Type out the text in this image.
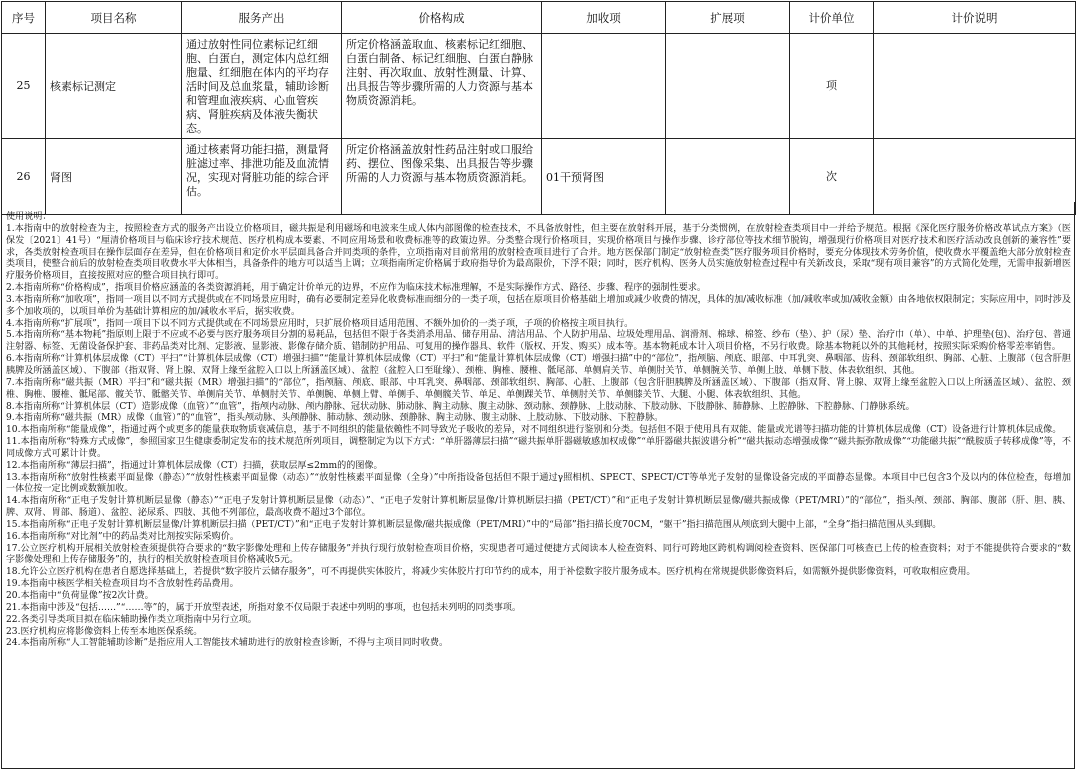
序号	项目名称	服务产出	价格构成	加收项	扩展项	计价单位	计价说明
25	核素标记测定	通过放射性同位素标记红细胞、白蛋白，测定体内总红细胞量、红细胞在体内的平均存活时间及总血浆量，辅助诊断和管理血液疾病、心血管疾病、肾脏疾病及体液失衡状态。	所定价格涵盖取血、核素标记红细胞、白蛋白制备、标记红细胞、白蛋白静脉注射、再次取血、放射性测量、计算、出具报告等步骤所需的人力资源与基本物质资源消耗。			项	
26	肾图	通过核素肾功能扫描，测量肾脏滤过率、排泄功能及血流情况，实现对肾脏功能的综合评估。	所定价格涵盖放射性药品注射或口服给药、摆位、图像采集、出具报告等步骤所需的人力资源与基本物质资源消耗。	01干预肾图		次	

使用说明：

1.本指南中的放射检查为主，按照检查方式的服务产出设立价格项目，磁共振是利用磁场和电波来生成人体内部图像的检查技术，不具备放射性，但主要在放射科开展，基于分类惯例，在放射检查类项目中一并给予规范。根据《深化医疗服务价格改革试点方案》（医保发〔2021〕41号）“厘清价格项目与临床诊疗技术规范、医疗机构成本要素、不同应用场景和收费标准等的政策边界。分类整合现行价格项目，实现价格项目与操作步骤、诊疗部位等技术细节脱钩，增强现行价格项目对医疗技术和医疗活动改良创新的兼容性”要求，各类放射检查项目在操作层面存在差异，但在价格项目和定价水平层面具备合并同类项的条件，立项指南对目前常用的放射检查项目进行了合并。地方医保部门制定“放射检查类”医疗服务项目价格时，要充分体现技术劳务价值，使收费水平覆盖绝大部分放射检查类项目，使整合前后的放射检查类项目收费水平大体相当，具备条件的地方可以适当上调；立项指南所定价格属于政府指导价为最高限价，下浮不限；同时，医疗机构、医务人员实施放射检查过程中有关新改良，采取“现有项目兼容”的方式简化处理，无需申报新增医疗服务价格项目，直接按照对应的整合项目执行即可。

2.本指南所称“价格构成”，指项目价格应涵盖的各类资源消耗，用于确定计价单元的边界，不应作为临床技术标准理解，不是实际操作方式、路径、步骤、程序的强制性要求。

3.本指南所称“加收项”，指同一项目以不同方式提供或在不同场景应用时，确有必要制定差异化收费标准而细分的一类子项，包括在原项目价格基础上增加或减少收费的情况，具体的加/减收标准（加/减收率或加/减收金额）由各地依权限制定；实际应用中，同时涉及多个加收项的，以项目单价为基础计算相应的加/减收水平后，据实收费。

4.本指南所称“扩展项”，指同一项目下以不同方式提供或在不同场景应用时，只扩展价格项目适用范围、不额外加价的一类子项，子项的价格按主项目执行。

5.本指南所称“基本物耗”指原则上限于不应或不必要与医疗服务项目分割的易耗品，包括但不限于各类消杀用品、储存用品、清洁用品、个人防护用品、垃圾处理用品、润滑剂、棉球、棉签、纱布（垫）、护（尿）垫、治疗巾（单）、中单、护理垫(包)、治疗包、普通注射器、标签、无菌设备保护套、非药品类对比剂、定影液、显影液、影像存储介质、错制防护用品、可复用的操作器具、软件（版权、开发、购买）成本等。基本物耗成本计入项目价格，不另行收费。除基本物耗以外的其他耗材，按照实际采购价格零差率销售。

6.本指南所称“计算机体层成像（CT）平扫”“计算机体层成像（CT）增强扫描”“能量计算机体层成像（CT）平扫”和“能量计算机体层成像（CT）增强扫描”中的“部位”，指颅脑、颅底、眼部、中耳乳突、鼻咽部、齿科、颈部软组织、胸部、心脏、上腹部（包含肝胆胰脾及所涵盖区域）、下腹部（指双肾、肾上腺、双肾上缘至盆腔入口以上所涵盖区域）、盆腔（盆腔入口至耻缘）、颈椎、胸椎、腰椎、骶尾部、单侧肩关节、单侧肘关节、单侧腕关节、单侧上肢、单侧下肢、体表软组织、其他。

7.本指南所称“磁共振（MR）平扫”和“磁共振（MR）增强扫描”的“部位”，指颅脑、颅底、眼部、中耳乳突、鼻咽部、颈部软组织、胸部、心脏、上腹部（包含肝胆胰脾及所涵盖区域）、下腹部（指双肾、肾上腺、双肾上缘至盆腔入口以上所涵盖区域）、盆腔、颈椎、胸椎、腰椎、骶尾部、髋关节、骶髂关节、单侧肩关节、单侧肘关节、单侧腕、单侧上臂、单侧手、单侧髋关节、单足、单侧踝关节、单侧肘关节、单侧膝关节、大腿、小腿、体表软组织、其他。

8.本指南所称“计算机体层（CT）造影成像（血管）”“血管”，指颅内动脉、颅内静脉、冠状动脉、肺动脉、胸主动脉、腹主动脉、颈动脉、颈静脉、上肢动脉、下肢动脉、下肢静脉、肺静脉、上腔静脉、下腔静脉、门静脉系统。

9.本指南所称“磁共振（MR）成像（血管）”的“血管”，指头颅动脉、头颅静脉、肺动脉、颈动脉、颈静脉、胸主动脉、腹主动脉、上肢动脉、下肢动脉、下腔静脉。

10.本指南所称“能量成像”，指通过两个或更多的能量获取物质衰减信息，基于不同组织的能量依赖性不同导致光子吸收的差异，对不同组织进行鉴别和分类。包括但不限于使用具有双能、能量或光谱等扫描功能的计算机体层成像（CT）设备进行计算机体层成像。

11.本指南所称“特殊方式成像”，参照国家卫生健康委制定发布的技术规范所列项目，调整制定为以下方式：“单肝器薄层扫描”“磁共振单肝器磁敏感加权成像”“单肝器磁共振波谱分析”“磁共振动态增强成像”“磁共振弥散成像”“功能磁共振”“酰胺质子转移成像”等，不同成像方式可累计计费。

12.本指南所称“薄层扫描”，指通过计算机体层成像（CT）扫描，获取层厚≤2mm的的图像。

13.本指南所称“放射性核素平面显像（静态）”“放射性核素平面显像（动态）”“放射性核素平面显像（全身）”中所指设备包括但不限于通过γ照相机、SPECT、SPECT/CT等单光子发射的显像设备完成的平面静态显像。本项目中已包含3个及以内的体位检查，每增加一体位按一定比例或数额加收。

14.本指南所称“正电子发射计算机断层显像（静态）”“正电子发射计算机断层显像（动态）”、“正电子发射计算机断层显像/计算机断层扫描（PET/CT）”和“正电子发射计算机断层显像/磁共振成像（PET/MRI）”的“部位”，指头颅、颈部、胸部、腹部（肝、胆、胰、脾、双肾、胃部、肠道）、盆腔、泌尿系、四肢、其他不列部位，最高收费不超过3个部位。

15.本指南所称“正电子发射计算机断层显像/计算机断层扫描（PET/CT）”和“正电子发射计算机断层显像/磁共振成像（PET/MRI）”中的“局部”指扫描长度70CM，“躯干”指扫描范围从颅底到大腿中上部，“全身”指扫描范围从头到脚。

16.本指南所称“对比剂”中的药品类对比剂按实际采购价。

17.公立医疗机构开展相关放射检查须提供符合要求的“数字影像处理和上传存储服务”并执行现行放射检查项目价格，实现患者可通过便捷方式阅读本人检查资料、同行可跨地区跨机构调阅检查资料、医保部门可核查已上传的检查资料；对于不能提供符合要求的“数字影像处理和上传存储服务”的，执行的相关放射检查项目价格减收5元。

18.允许公立医疗机构在患者自愿选择基础上，若提供“数字胶片云储存服务”，可不再提供实体胶片，将减少实体胶片打印节约的成本，用于补偿数字胶片服务成本。医疗机构在常规提供影像资料后，如需额外提供影像资料，可收取相应费用。

19.本指南中核医学相关检查项目均不含放射性药品费用。

20.本指南中“负荷显像”按2次计费。

21.本指南中涉及“包括……”“……等”的，属于开放型表述，所指对象不仅局限于表述中列明的事项，也包括未列明的同类事项。

22.各类引导类项目拟在临床辅助操作类立项指南中另行立项。

23.医疗机构应将影像资料上传至本地医保系统。

24.本指南所称“人工智能辅助诊断”是指应用人工智能技术辅助进行的放射检查诊断，不得与主项目同时收费。
